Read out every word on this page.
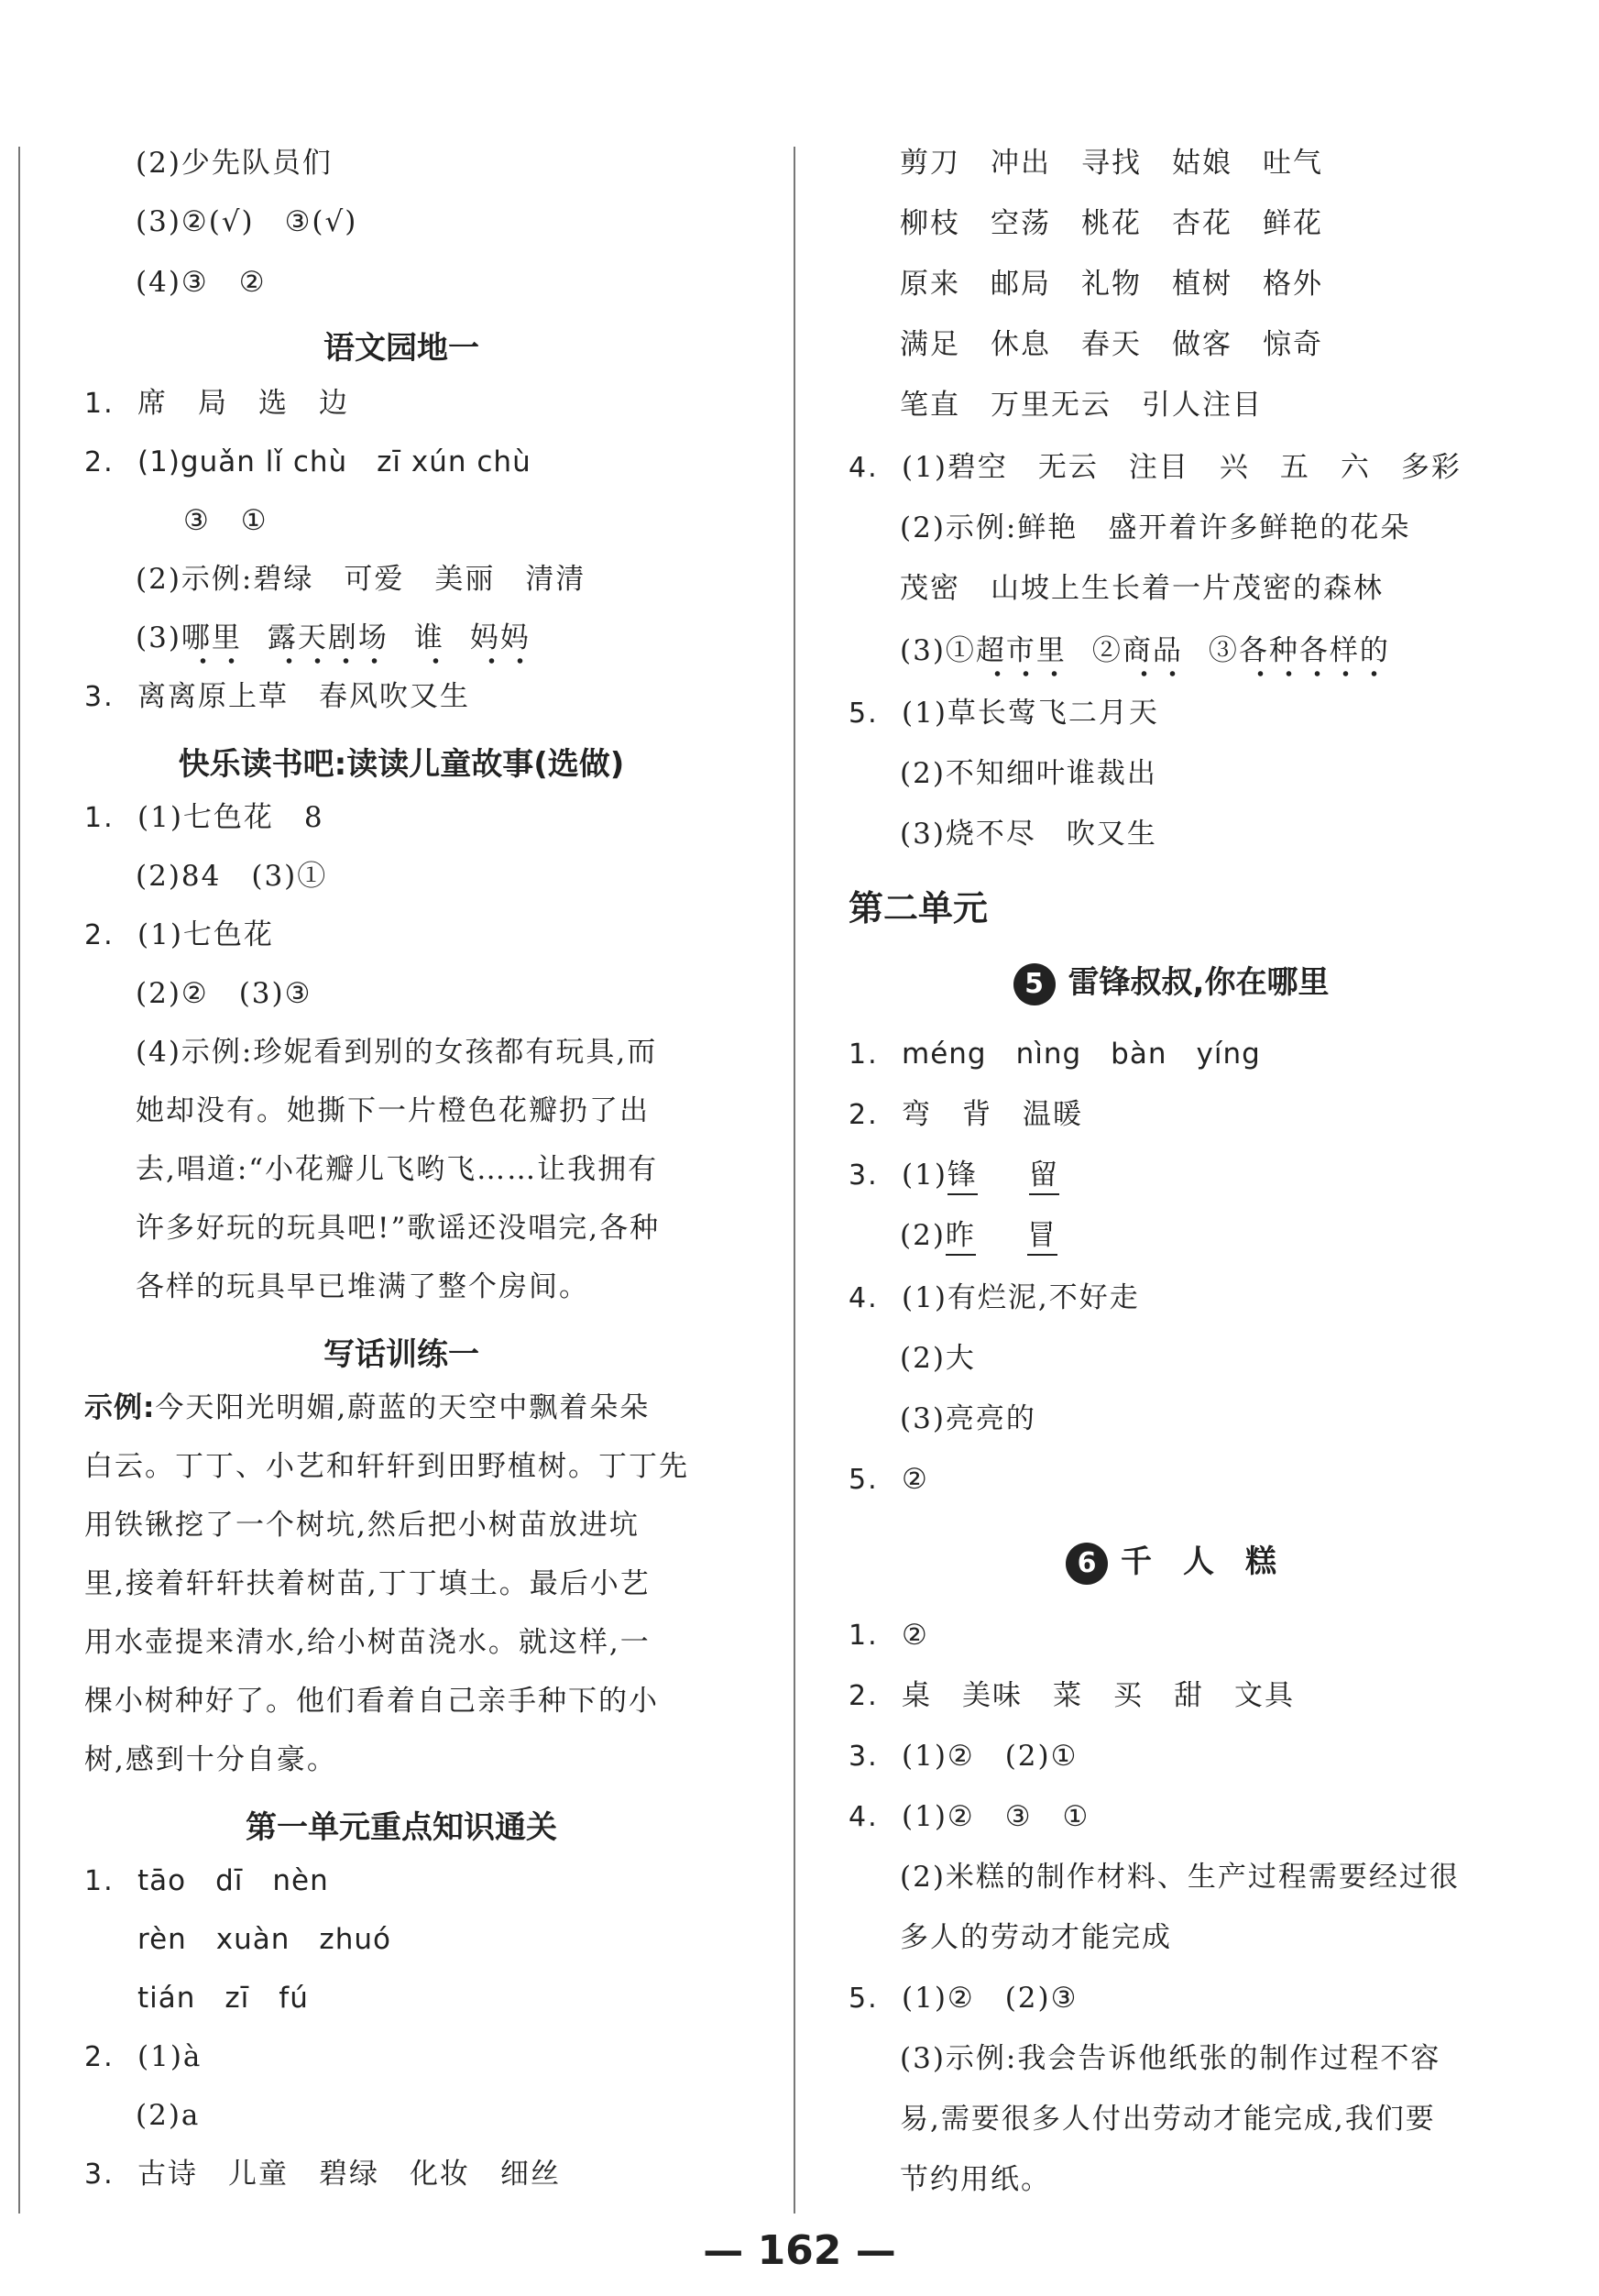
(2)少先队员们
(3)②(√)　③(√)
(4)③　②
语文园地一
1. 席　局　选　边
2. (1)guǎn lǐ chù　zī xún chù
③　①
(2)示例:碧绿　可爱　美丽　清清
(3)哪里 露天剧场 谁 妈妈
3. 离离原上草　春风吹又生
快乐读书吧:读读儿童故事(选做)
1. (1)七色花　8
(2)84　(3)①
2. (1)七色花
(2)②　(3)③
(4)示例:珍妮看到别的女孩都有玩具,而
她却没有。她撕下一片橙色花瓣扔了出
去,唱道:“小花瓣儿飞哟飞……让我拥有
许多好玩的玩具吧!”歌谣还没唱完,各种
各样的玩具早已堆满了整个房间。
写话训练一
示例:今天阳光明媚,蔚蓝的天空中飘着朵朵
白云。丁丁、小艺和轩轩到田野植树。丁丁先
用铁锹挖了一个树坑,然后把小树苗放进坑
里,接着轩轩扶着树苗,丁丁填土。最后小艺
用水壶提来清水,给小树苗浇水。就这样,一
棵小树种好了。他们看着自己亲手种下的小
树,感到十分自豪。
第一单元重点知识通关
1. tāo　dī　nèn
rèn　xuàn　zhuó
tián　zī　fú
2. (1)à
(2)a
3. 古诗　儿童　碧绿　化妆　细丝
剪刀　冲出　寻找　姑娘　吐气
柳枝　空荡　桃花　杏花　鲜花
原来　邮局　礼物　植树　格外
满足　休息　春天　做客　惊奇
笔直　万里无云　引人注目
4. (1)碧空　无云　注目　兴　五　六　多彩
(2)示例:鲜艳　盛开着许多鲜艳的花朵
茂密　山坡上生长着一片茂密的森林
(3)①超市里 ②商品 ③各种各样的
5. (1)草长莺飞二月天
(2)不知细叶谁裁出
(3)烧不尽　吹又生
第二单元
5 雷锋叔叔,你在哪里
1. méng　nìng　bàn　yíng
2. 弯　背　温暖
3. (1)锋 留
(2)昨 冒
4. (1)有烂泥,不好走
(2)大
(3)亮亮的
5. ②
6 千　人　糕
1. ②
2. 桌　美味　菜　买　甜　文具
3. (1)②　(2)①
4. (1)②　③　①
(2)米糕的制作材料、生产过程需要经过很
多人的劳动才能完成
5. (1)②　(2)③
(3)示例:我会告诉他纸张的制作过程不容
易,需要很多人付出劳动才能完成,我们要
节约用纸。
— 162 —
